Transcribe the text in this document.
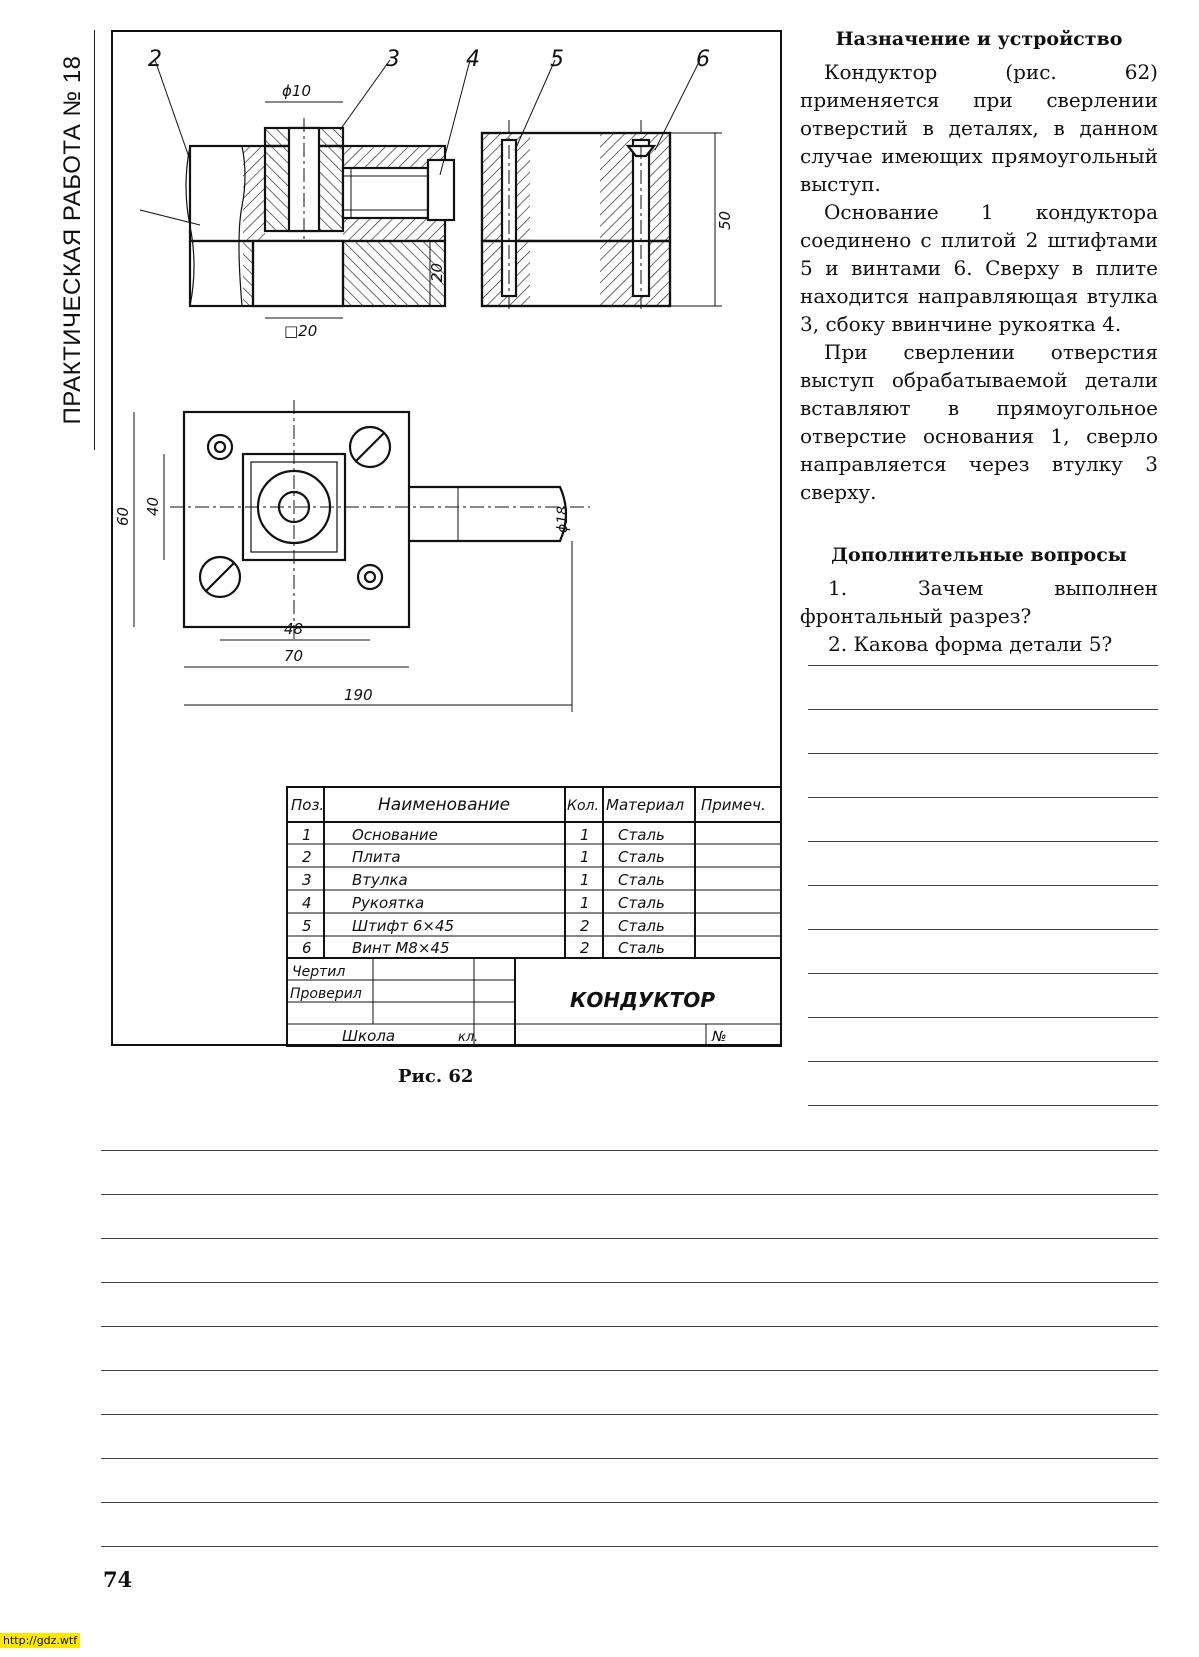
ПРАКТИЧЕСКАЯ РАБОТА № 18	2	3	4	5	6
ϕ10
20
50
□20
60
40	ϕ18
48
70
190
Поз.	Наименование	Кол. Материал Примеч.
1	Основание	1 Сталь
2	Плита	1 Сталь
3	Втулка	1 Сталь
4	Рукоятка	1 Сталь
5	Штифт 6×45	2 Сталь
6	Винт М8×45	2 Сталь
Чертил
Проверил
Школа	кл.
КОНДУКТОР
№
Рис. 62
Назначение и устройство

Кондуктор (рис. 62) применяется при сверлении отверстий в деталях, в данном случае имеющих прямоугольный выступ.

Основание 1 кондуктора соединено с плитой 2 штифтами 5 и винтами 6. Сверху в плите находится направляющая втулка 3, сбоку ввинчине рукоятка 4.

При сверлении отверстия выступ обрабатываемой детали вставляют в прямоугольное отверстие основания 1, сверло направляется через втулку 3 сверху.

Дополнительные вопросы

1. Зачем выполнен фронтальный разрез?

2. Какова форма детали 5?

74
http://gdz.wtf
